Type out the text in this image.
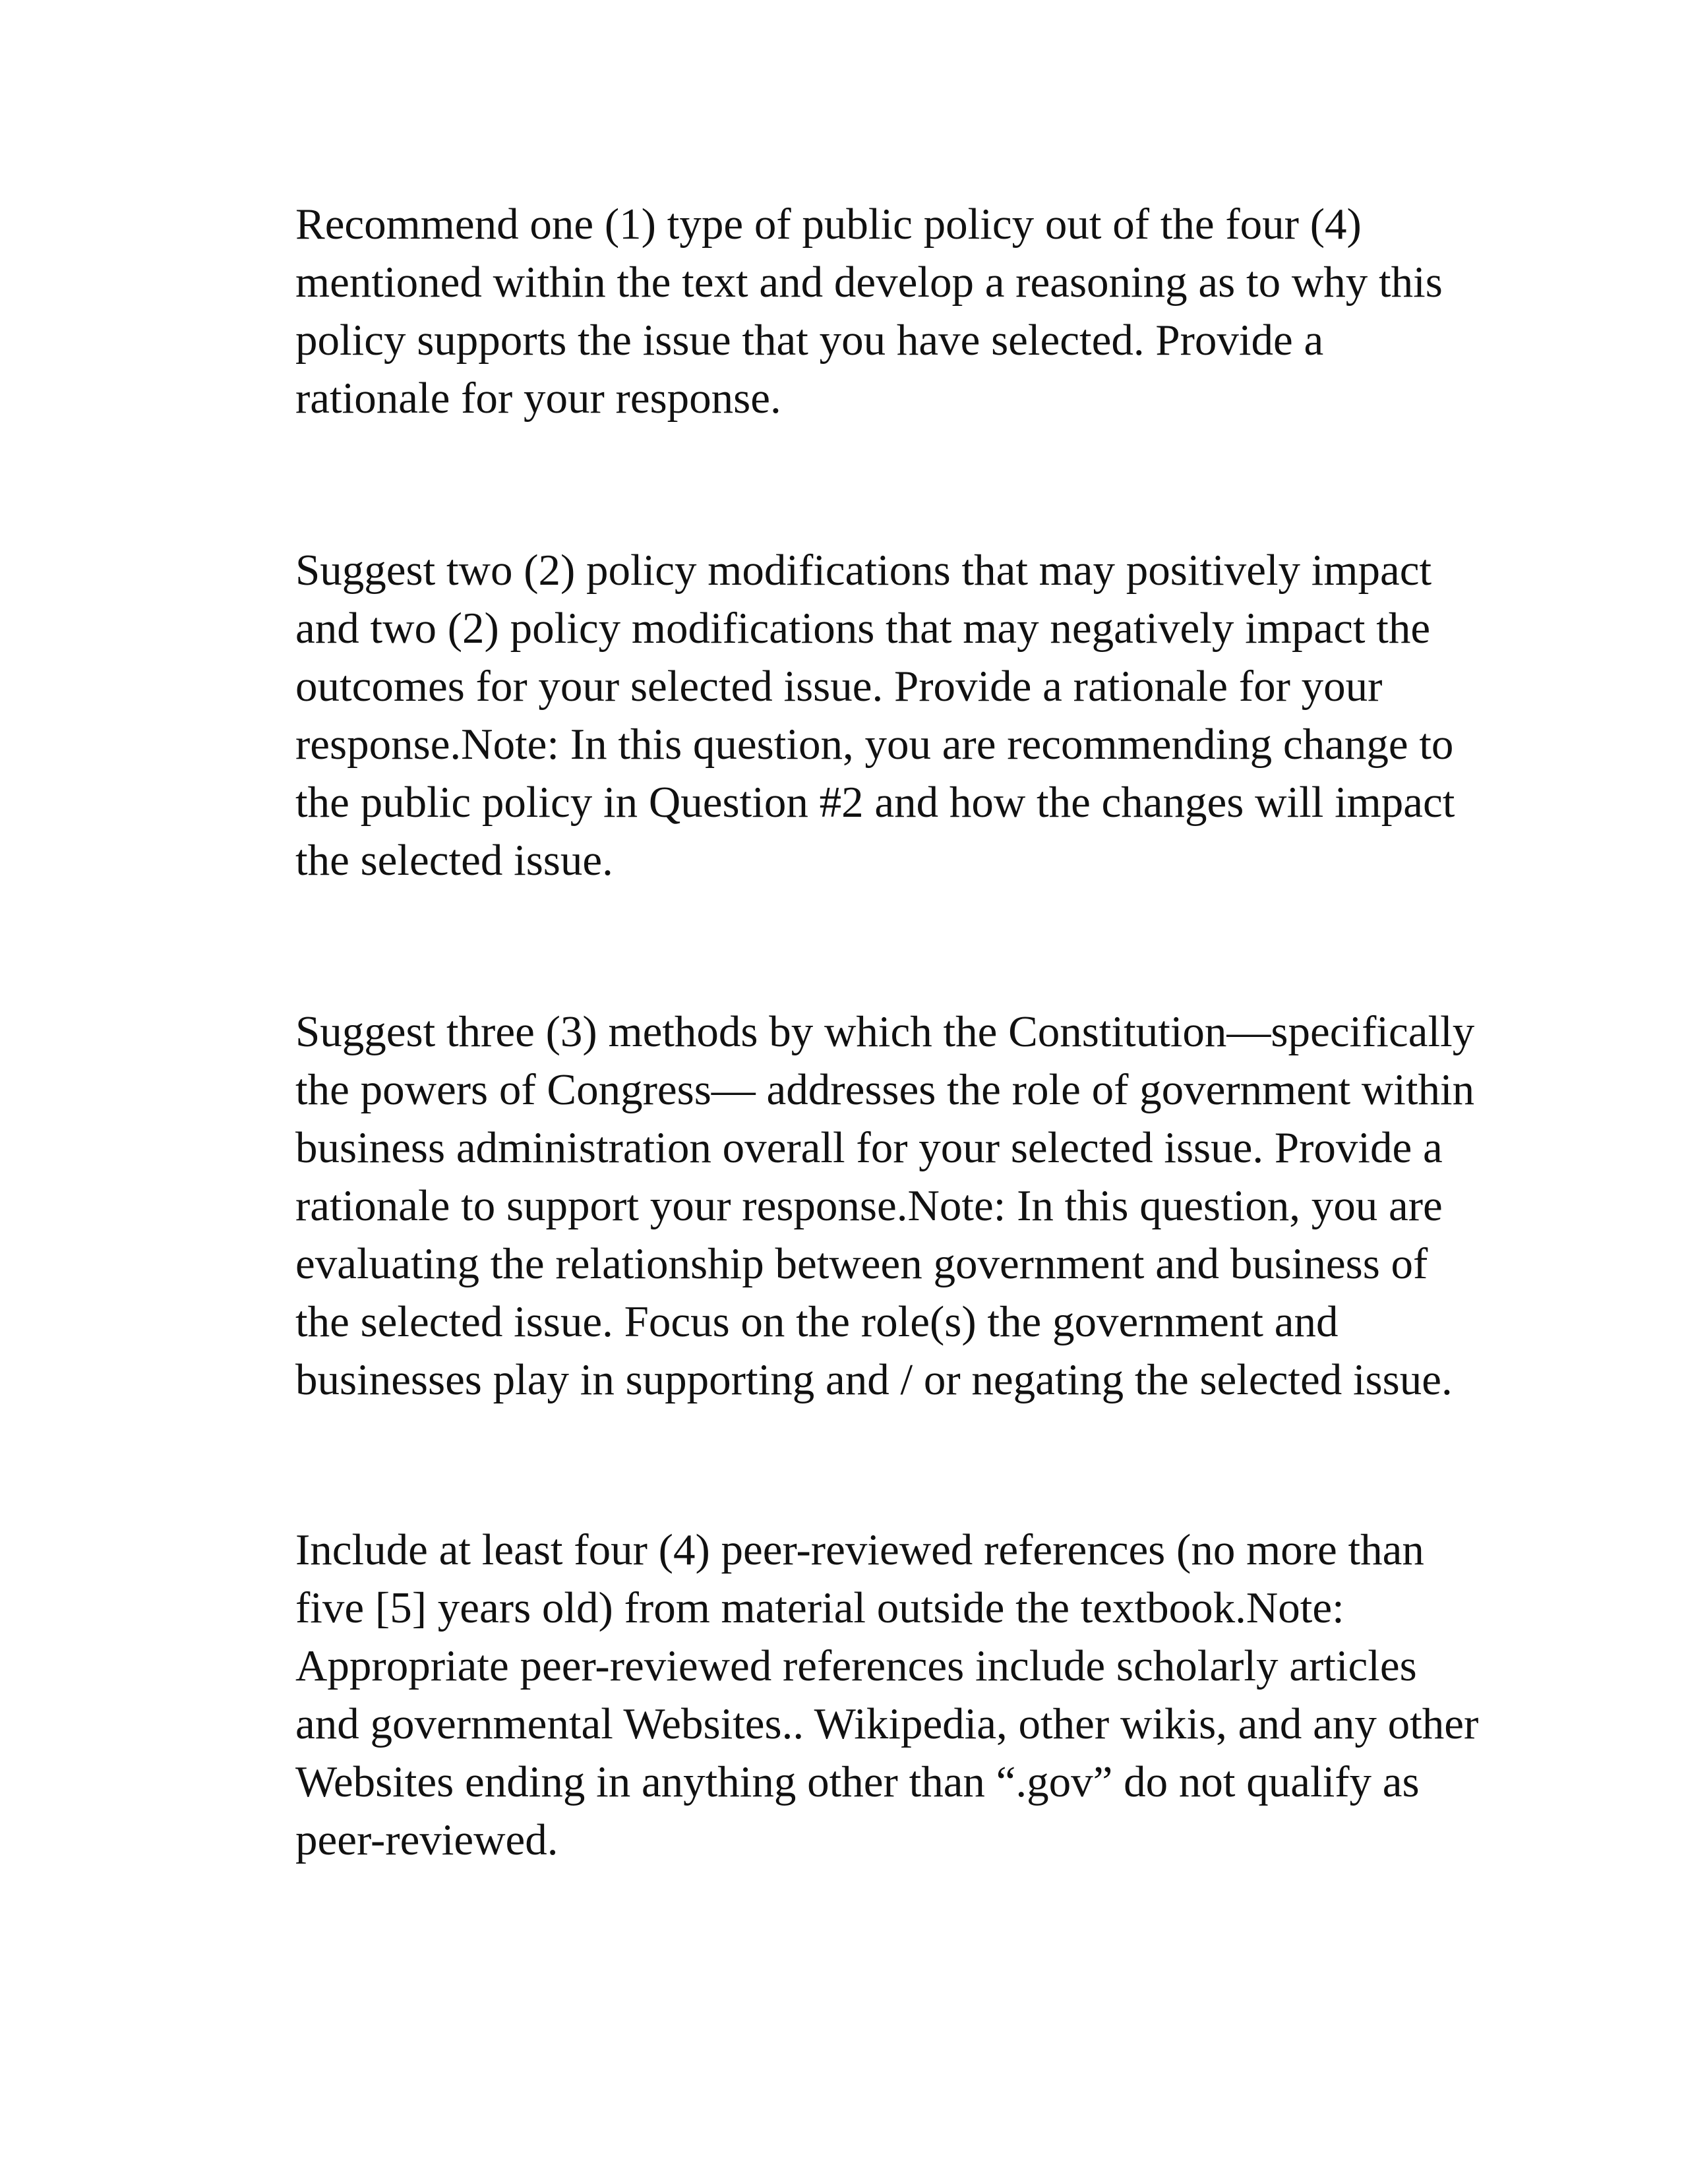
Recommend one (1) type of public policy out of the four (4)
mentioned within the text and develop a reasoning as to why this
policy supports the issue that you have selected. Provide a
rationale for your response.

Suggest two (2) policy modifications that may positively impact
and two (2) policy modifications that may negatively impact the
outcomes for your selected issue. Provide a rationale for your
response.Note: In this question, you are recommending change to
the public policy in Question #2 and how the changes will impact
the selected issue.

Suggest three (3) methods by which the Constitution—specifically
the powers of Congress— addresses the role of government within
business administration overall for your selected issue. Provide a
rationale to support your response.Note: In this question, you are
evaluating the relationship between government and business of
the selected issue. Focus on the role(s) the government and
businesses play in supporting and / or negating the selected issue.

Include at least four (4) peer-reviewed references (no more than
five [5] years old) from material outside the textbook.Note:
Appropriate peer-reviewed references include scholarly articles
and governmental Websites.. Wikipedia, other wikis, and any other
Websites ending in anything other than “.gov” do not qualify as
peer-reviewed.
